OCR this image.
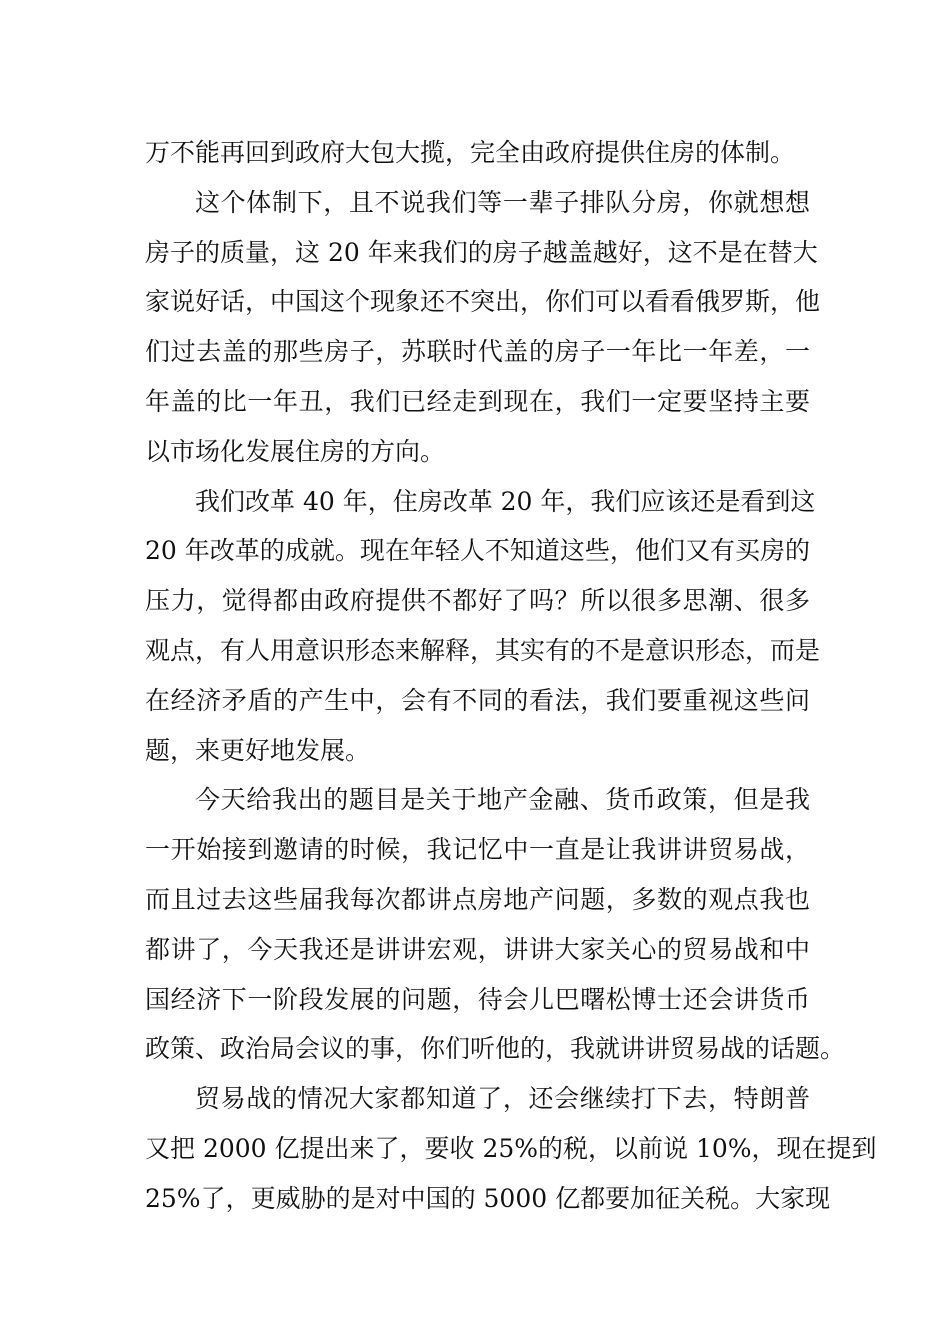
万不能再回到政府大包大揽，完全由政府提供住房的体制。
这个体制下，且不说我们等一辈子排队分房，你就想想
房子的质量，这 20 年来我们的房子越盖越好，这不是在替大
家说好话，中国这个现象还不突出，你们可以看看俄罗斯，他
们过去盖的那些房子，苏联时代盖的房子一年比一年差，一
年盖的比一年丑，我们已经走到现在，我们一定要坚持主要
以市场化发展住房的方向。
我们改革 40 年，住房改革 20 年，我们应该还是看到这
20 年改革的成就。现在年轻人不知道这些，他们又有买房的
压力，觉得都由政府提供不都好了吗？所以很多思潮、很多
观点，有人用意识形态来解释，其实有的不是意识形态，而是
在经济矛盾的产生中，会有不同的看法，我们要重视这些问
题，来更好地发展。
今天给我出的题目是关于地产金融、货币政策，但是我
一开始接到邀请的时候，我记忆中一直是让我讲讲贸易战，
而且过去这些届我每次都讲点房地产问题，多数的观点我也
都讲了，今天我还是讲讲宏观，讲讲大家关心的贸易战和中
国经济下一阶段发展的问题，待会儿巴曙松博士还会讲货币
政策、政治局会议的事，你们听他的，我就讲讲贸易战的话题。
贸易战的情况大家都知道了，还会继续打下去，特朗普
又把 2000 亿提出来了，要收 25%的税，以前说 10%，现在提到
25%了，更威胁的是对中国的 5000 亿都要加征关税。大家现
